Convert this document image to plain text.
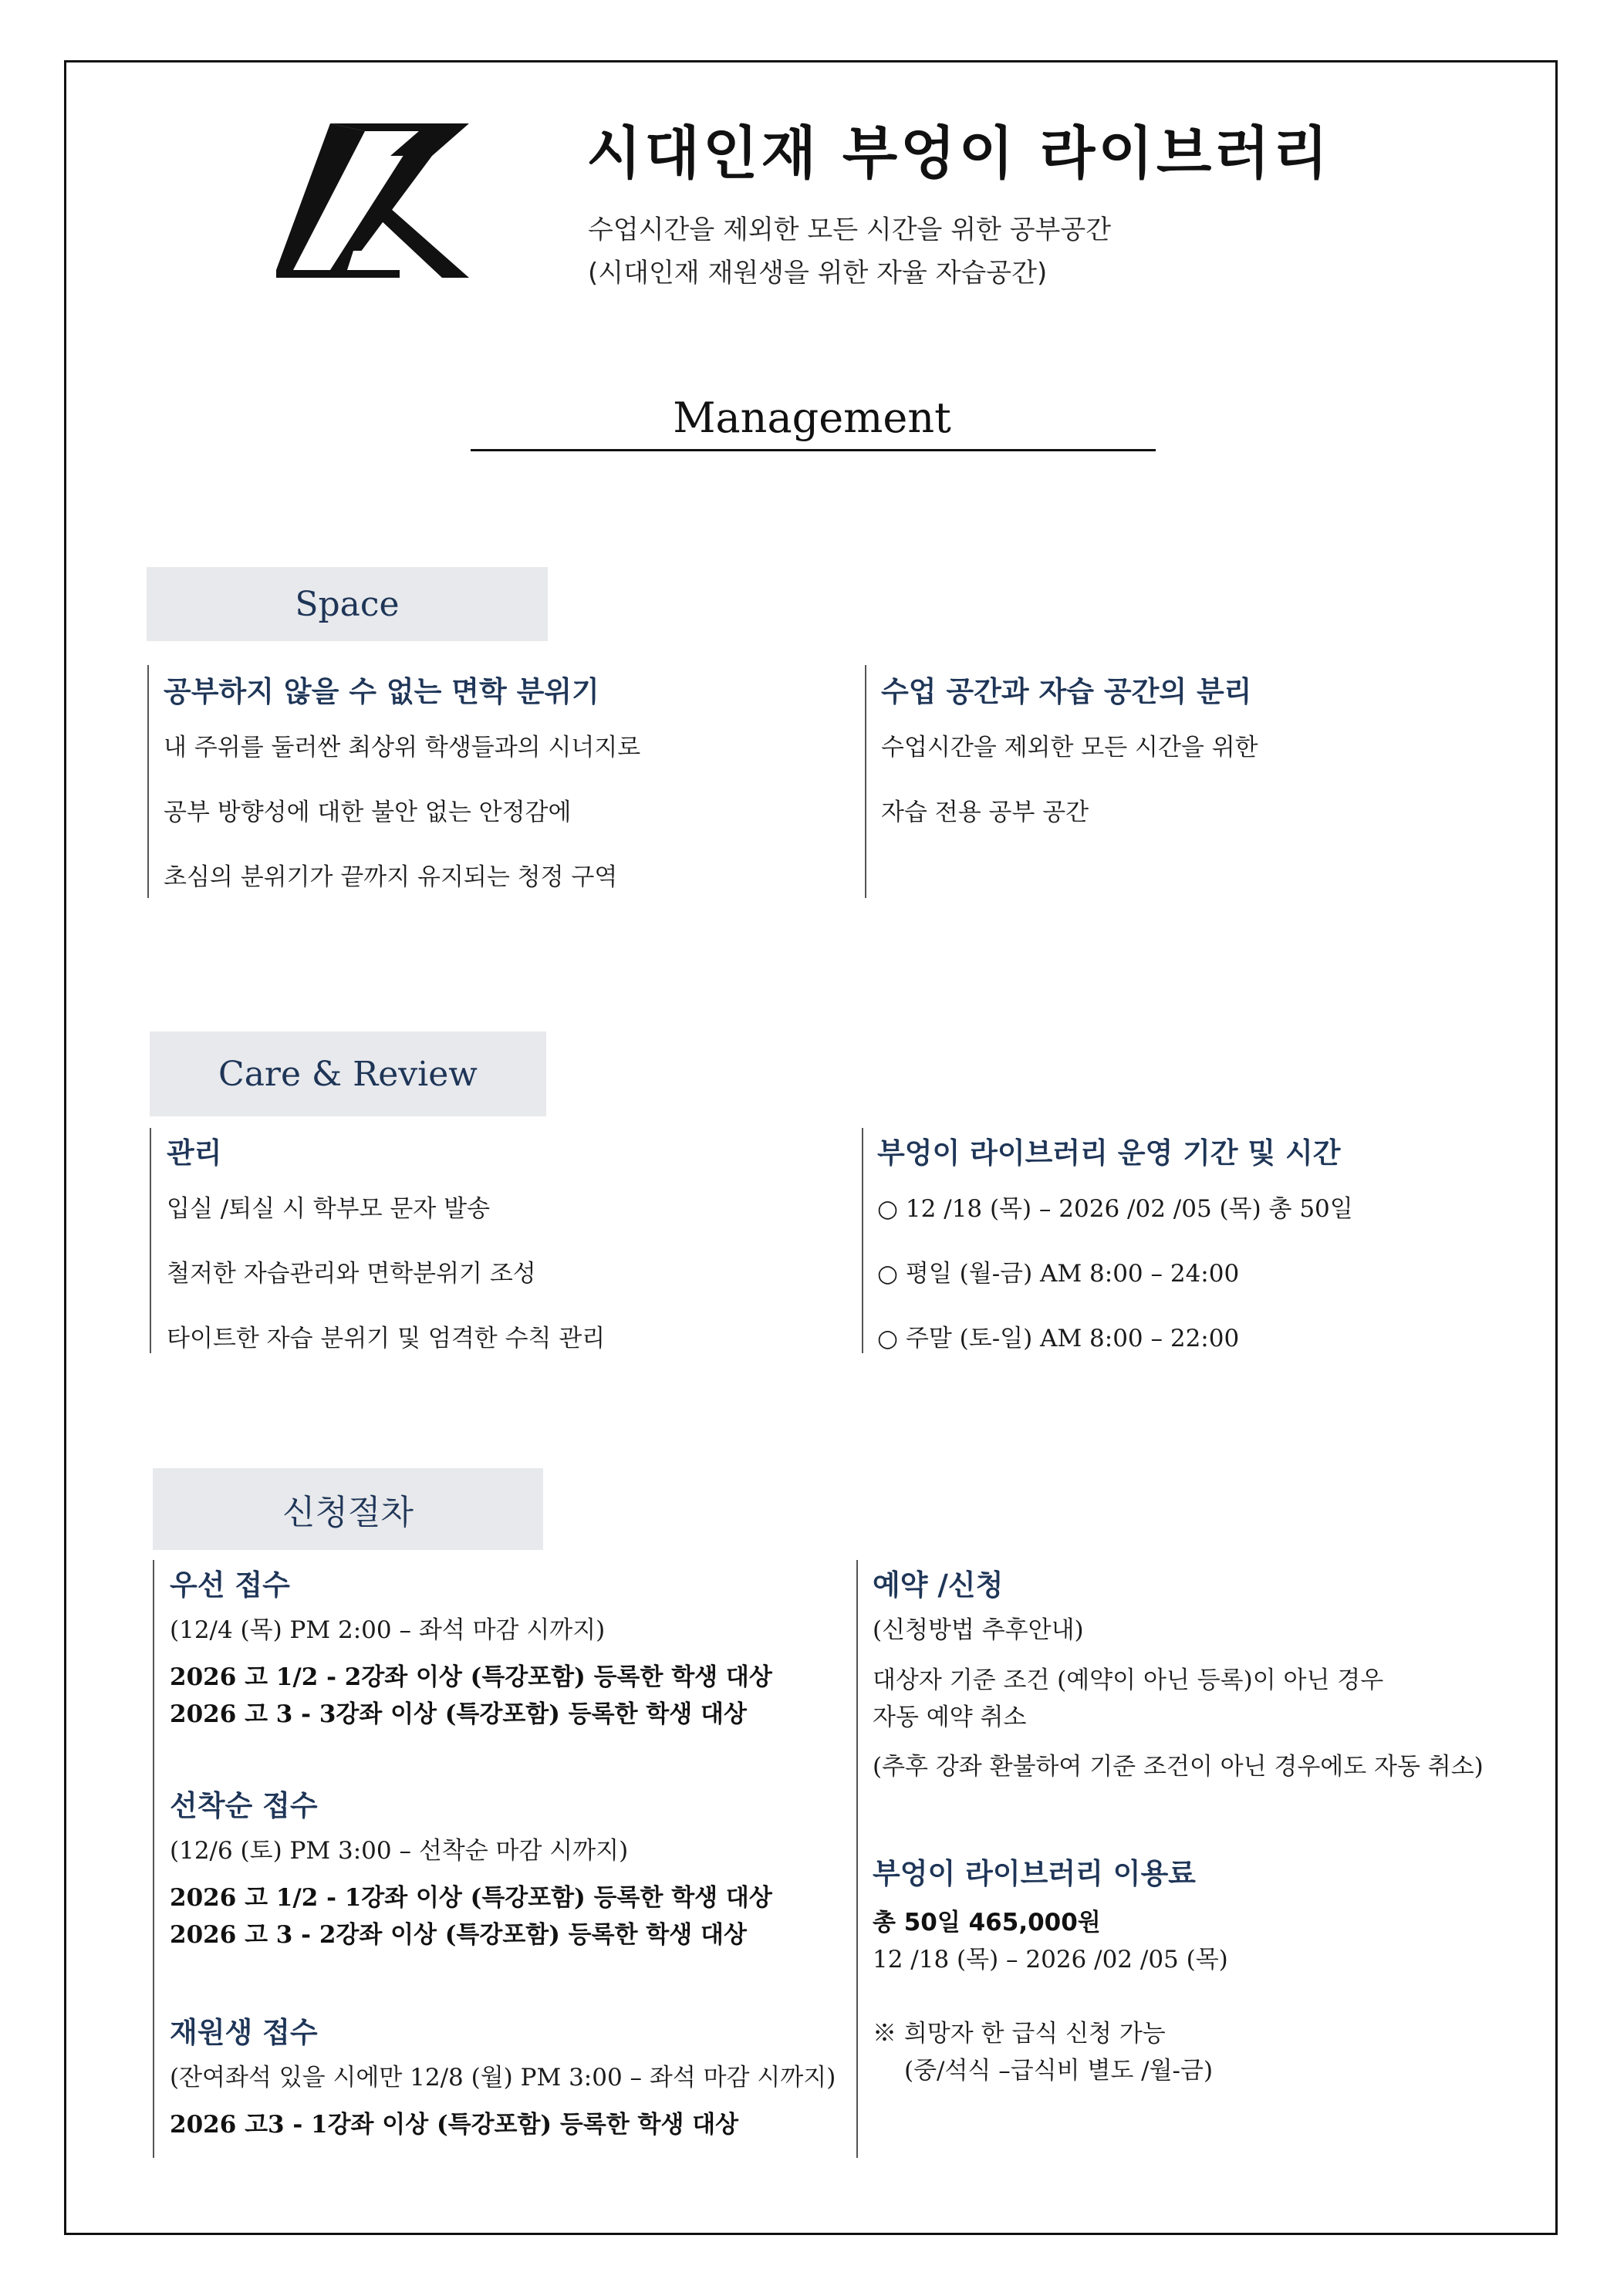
시대인재 부엉이 라이브러리
수업시간을 제외한 모든 시간을 위한 공부공간
(시대인재 재원생을 위한 자율 자습공간)
Management
Space
공부하지 않을 수 없는 면학 분위기
내 주위를 둘러싼 최상위 학생들과의 시너지로
공부 방향성에 대한 불안 없는 안정감에
초심의 분위기가 끝까지 유지되는 청정 구역
수업 공간과 자습 공간의 분리
수업시간을 제외한 모든 시간을 위한
자습 전용 공부 공간
Care & Review
관리
입실 /퇴실 시 학부모 문자 발송
철저한 자습관리와 면학분위기 조성
타이트한 자습 분위기 및 엄격한 수칙 관리
부엉이 라이브러리 운영 기간 및 시간
○ 12 /18 (목) – 2026 /02 /05 (목) 총 50일
○ 평일 (월-금) AM 8:00 – 24:00
○ 주말 (토-일) AM 8:00 – 22:00
신청절차
우선 접수
(12/4 (목) PM 2:00 – 좌석 마감 시까지)
2026 고 1/2 - 2강좌 이상 (특강포함) 등록한 학생 대상
2026 고 3 - 3강좌 이상 (특강포함) 등록한 학생 대상
선착순 접수
(12/6 (토) PM 3:00 – 선착순 마감 시까지)
2026 고 1/2 - 1강좌 이상 (특강포함) 등록한 학생 대상
2026 고 3 - 2강좌 이상 (특강포함) 등록한 학생 대상
재원생 접수
(잔여좌석 있을 시에만 12/8 (월) PM 3:00 – 좌석 마감 시까지)
2026 고3 - 1강좌 이상 (특강포함) 등록한 학생 대상
예약 /신청
(신청방법 추후안내)
대상자 기준 조건 (예약이 아닌 등록)이 아닌 경우
자동 예약 취소
(추후 강좌 환불하여 기준 조건이 아닌 경우에도 자동 취소)
부엉이 라이브러리 이용료
총 50일 465,000원
12 /18 (목) – 2026 /02 /05 (목)
※ 희망자 한 급식 신청 가능
(중/석식 –급식비 별도 /월-금)
